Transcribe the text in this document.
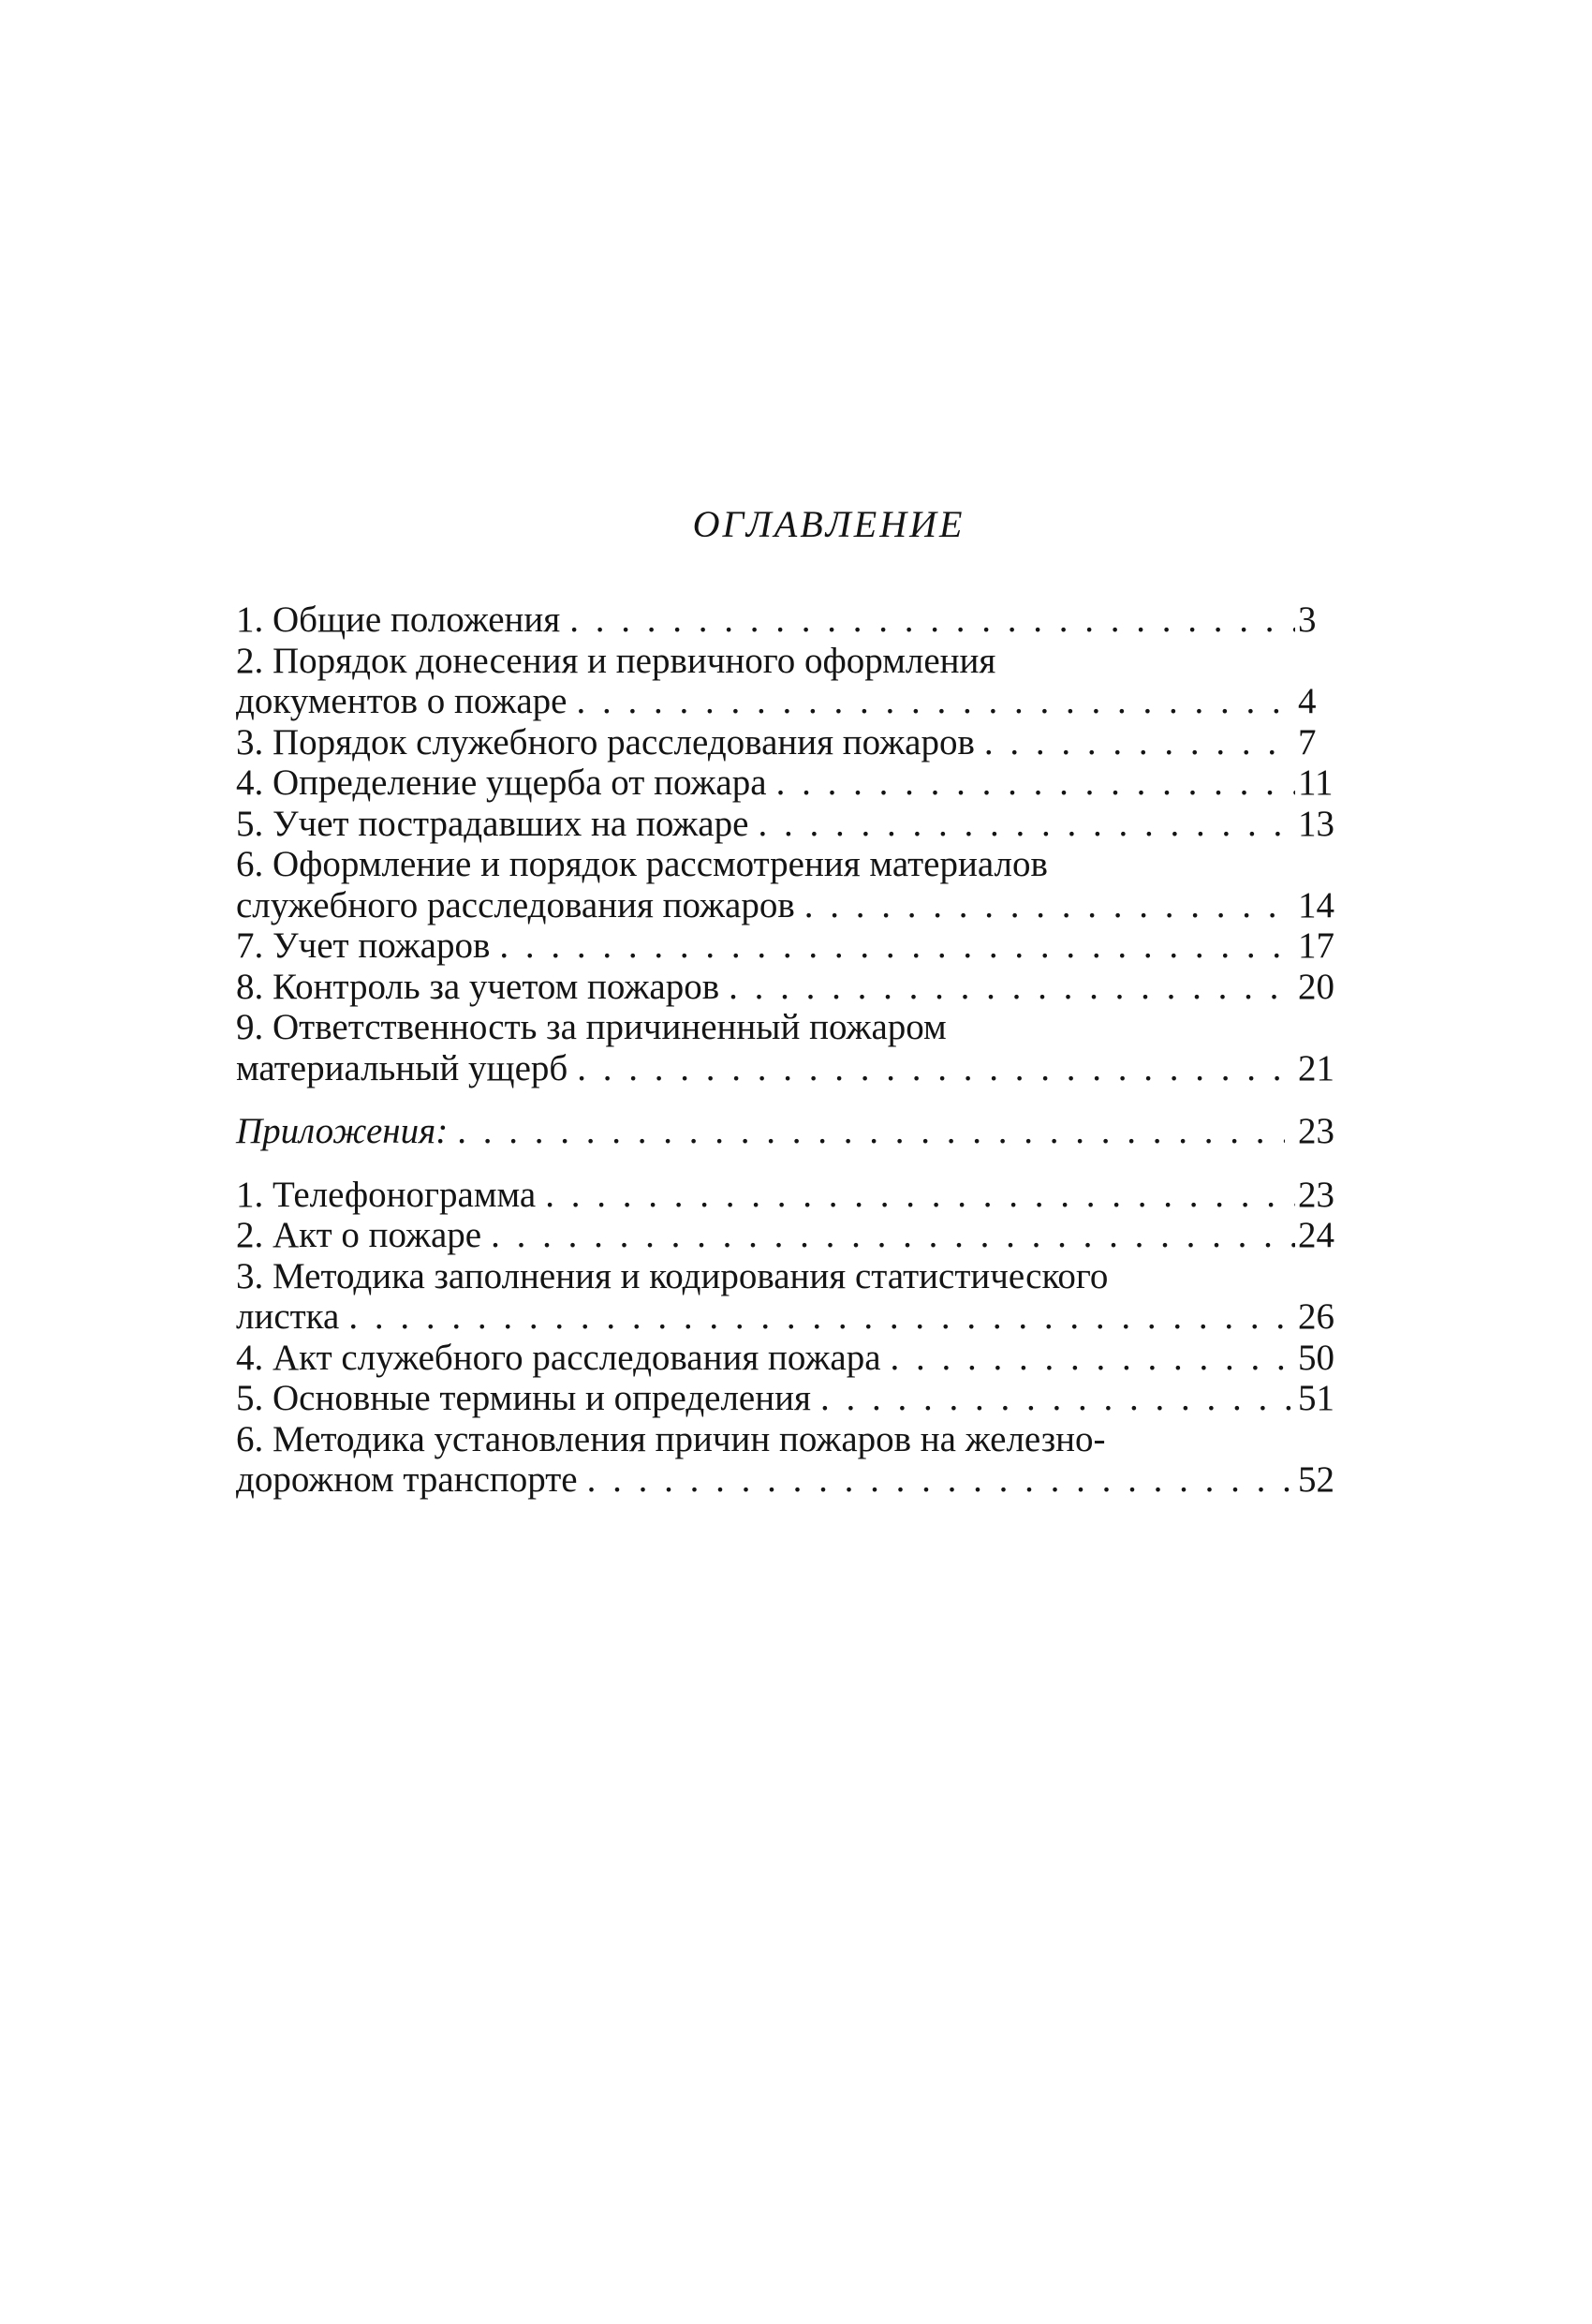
ОГЛАВЛЕНИЕ
1. Общие положения . . .	3
2. Порядок донесения и первичного оформления
документов о пожаре . . .	4
3. Порядок служебного расследования пожаров . . .	7
4. Определение ущерба от пожара . . .	11
5. Учет пострадавших на пожаре . . .	13
6. Оформление и порядок рассмотрения материалов
служебного расследования пожаров . . .	14
7. Учет пожаров . . .	17
8. Контроль за учетом пожаров . . .	20
9. Ответственность за причиненный пожаром
материальный ущерб . . .	21
Приложения: . . .	23
1. Телефонограмма . . .	23
2. Акт о пожаре . . .	24
3. Методика заполнения и кодирования статистического
листка . . .	26
4. Акт служебного расследования пожара . . .	50
5. Основные термины и определения . . .	51
6. Методика установления причин пожаров на железно-
дорожном транспорте . . .	52
